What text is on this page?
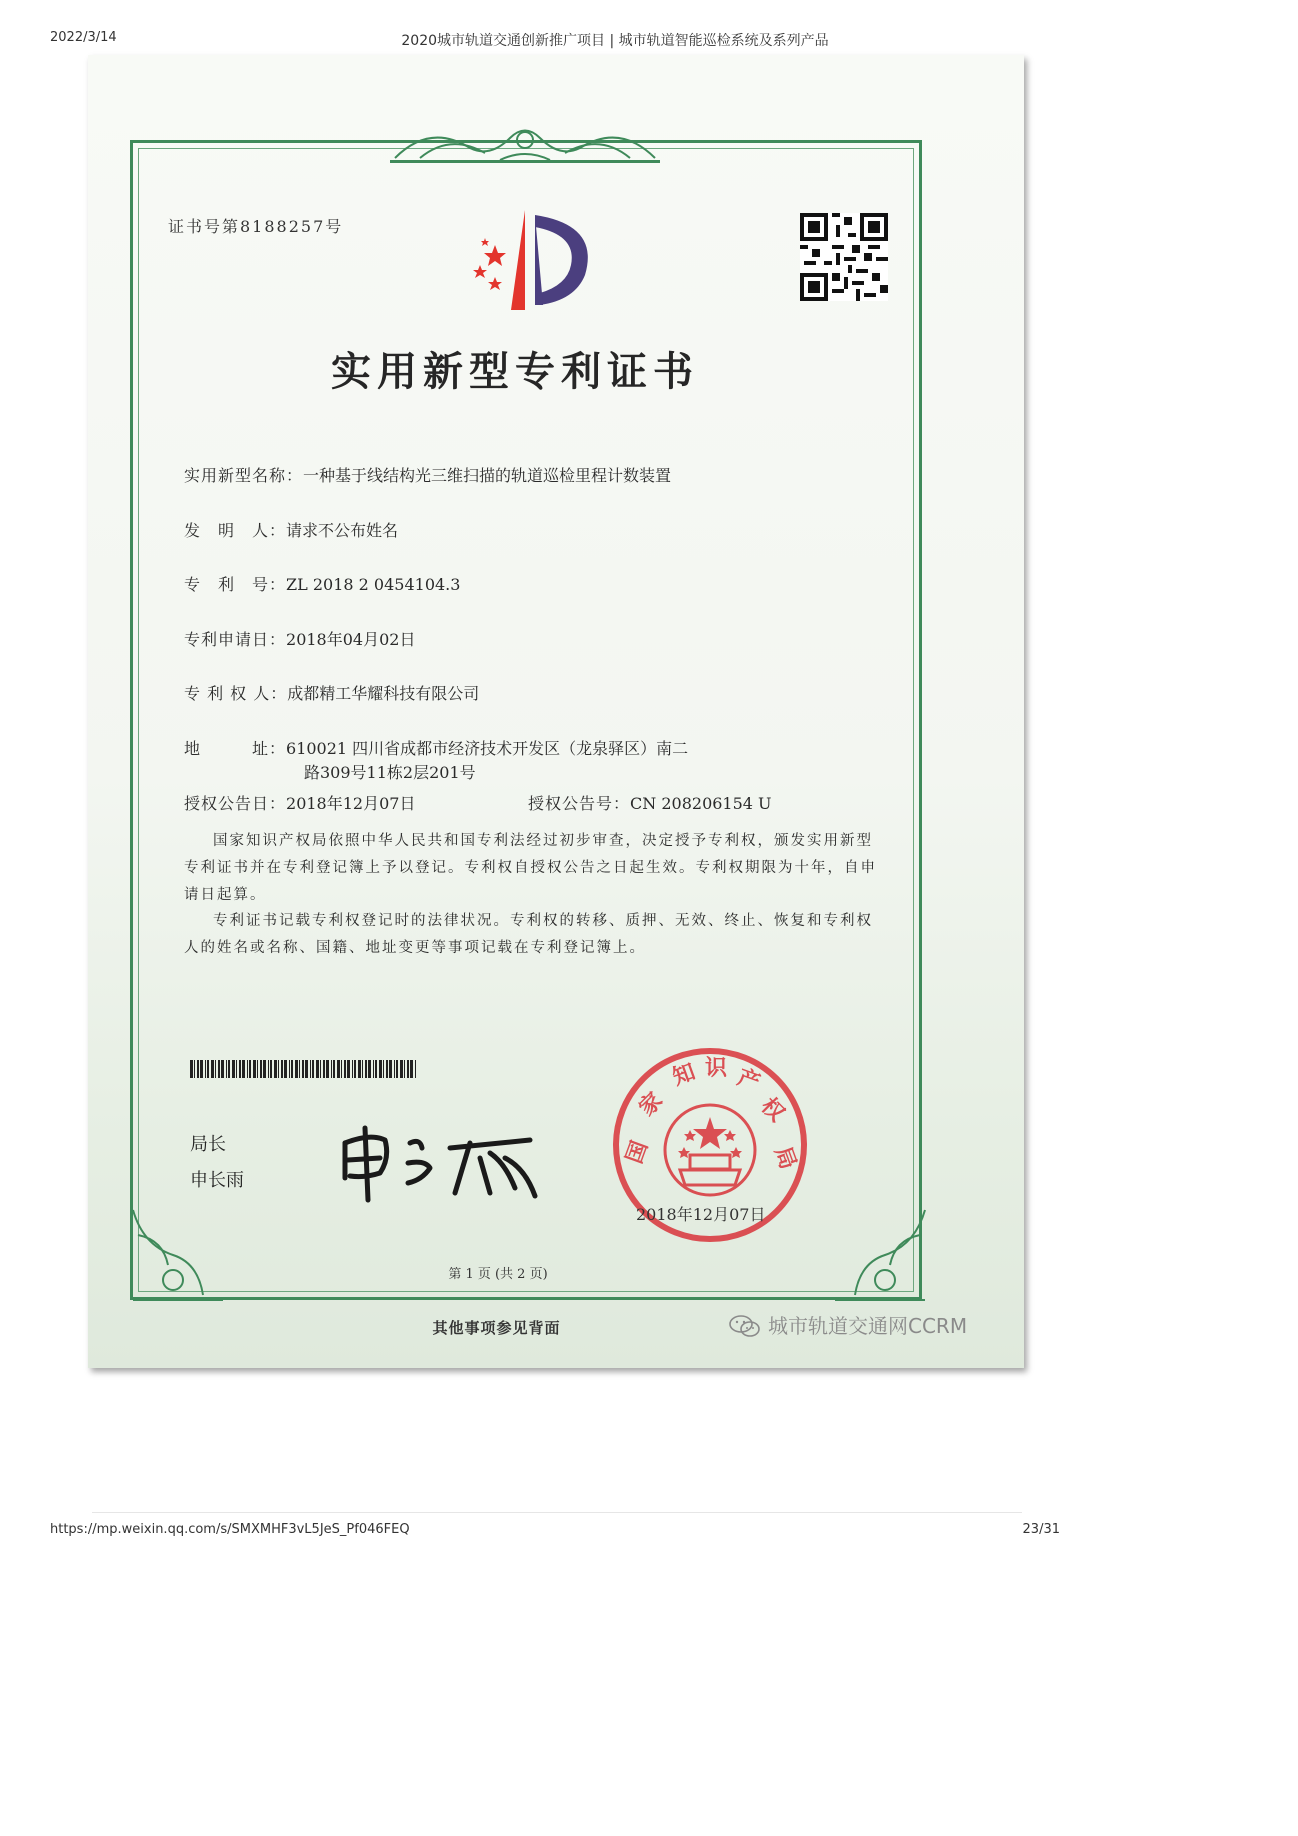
2022/3/14	2020城市轨道交通创新推广项目 | 城市轨道智能巡检系统及系列产品
https://mp.weixin.qq.com/s/SMXMHF3vL5JeS_Pf046FEQ	23/31
证书号第8188257号
实用新型专利证书
实用新型名称：一种基于线结构光三维扫描的轨道巡检里程计数装置
发　明　人：请求不公布姓名
专　利　号：ZL 2018 2 0454104.3
专利申请日：2018年04月02日
专 利 权 人：成都精工华耀科技有限公司
地　　　址：610021 四川省成都市经济技术开发区（龙泉驿区）南二
路309号11栋2层201号
授权公告日：2018年12月07日	授权公告号：CN 208206154 U

国家知识产权局依照中华人民共和国专利法经过初步审查，决定授予专利权，颁发实用新型专利证书并在专利登记簿上予以登记。专利权自授权公告之日起生效。专利权期限为十年，自申请日起算。

专利证书记载专利权登记时的法律状况。专利权的转移、质押、无效、终止、恢复和专利权人的姓名或名称、国籍、地址变更等事项记载在专利登记簿上。

局长
申长雨
国
家
知 识 产
权
局
2018年12月07日
第 1 页 (共 2 页)
其他事项参见背面	城市轨道交通网CCRM
